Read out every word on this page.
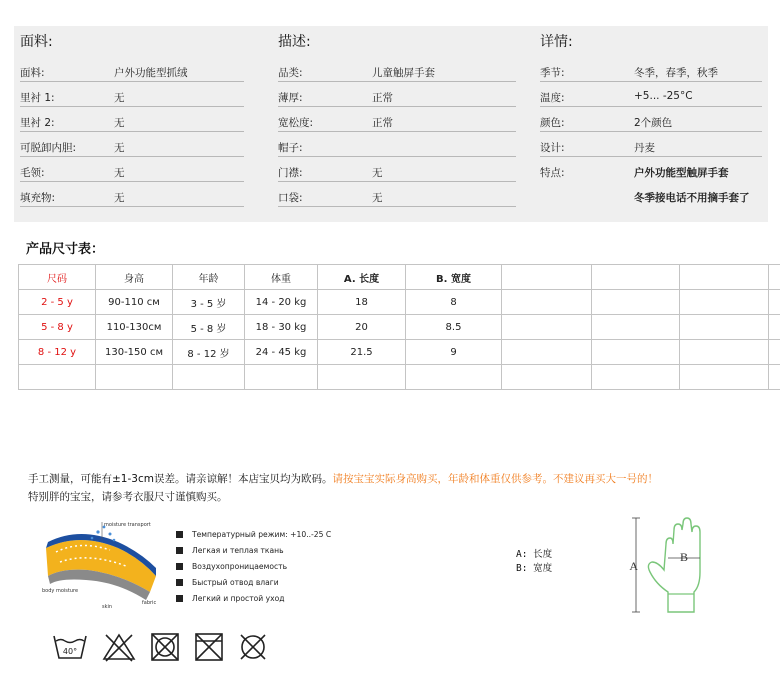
面料:
面料:	户外功能型抓绒
里衬 1:	无
里衬 2:	无
可脱卸内胆:	无
毛领:	无
填充物:	无
描述:
品类:	儿童触屏手套
薄厚:	正常
宽松度:	正常
帽子:
门襟:	无
口袋:	无
详情:
季节:	冬季，春季，秋季
温度:	+5... -25°C
颜色:	2个颜色
设计:	丹麦
特点:	户外功能型触屏手套
冬季接电话不用摘手套了
产品尺寸表：
尺码	身高	年龄	体重	A. 长度	B. 宽度				
2 - 5 y	90-110 cм	3 - 5 岁	14 - 20 kg	18	8				
5 - 8 y	110-130cм	5 - 8 岁	18 - 30 kg	20	8.5				
8 - 12 y	130-150 cм	8 - 12 岁	24 - 45 kg	21.5	9				

手工测量，可能有±1-3cm误差。请亲谅解！本店宝贝均为欧码。请按宝宝实际身高购买，年龄和体重仅供参考。不建议再买大一号的！
特别胖的宝宝，请参考衣服尺寸谨慎购买。
moisture transport
body moisture
fabric
skin
Температурный режим: +10..-25 С
Легкая и теплая ткань
Воздухопроницаемость
Быстрый отвод влаги
Легкий и простой уход
A: 长度
B: 宽度	A
B
40°
